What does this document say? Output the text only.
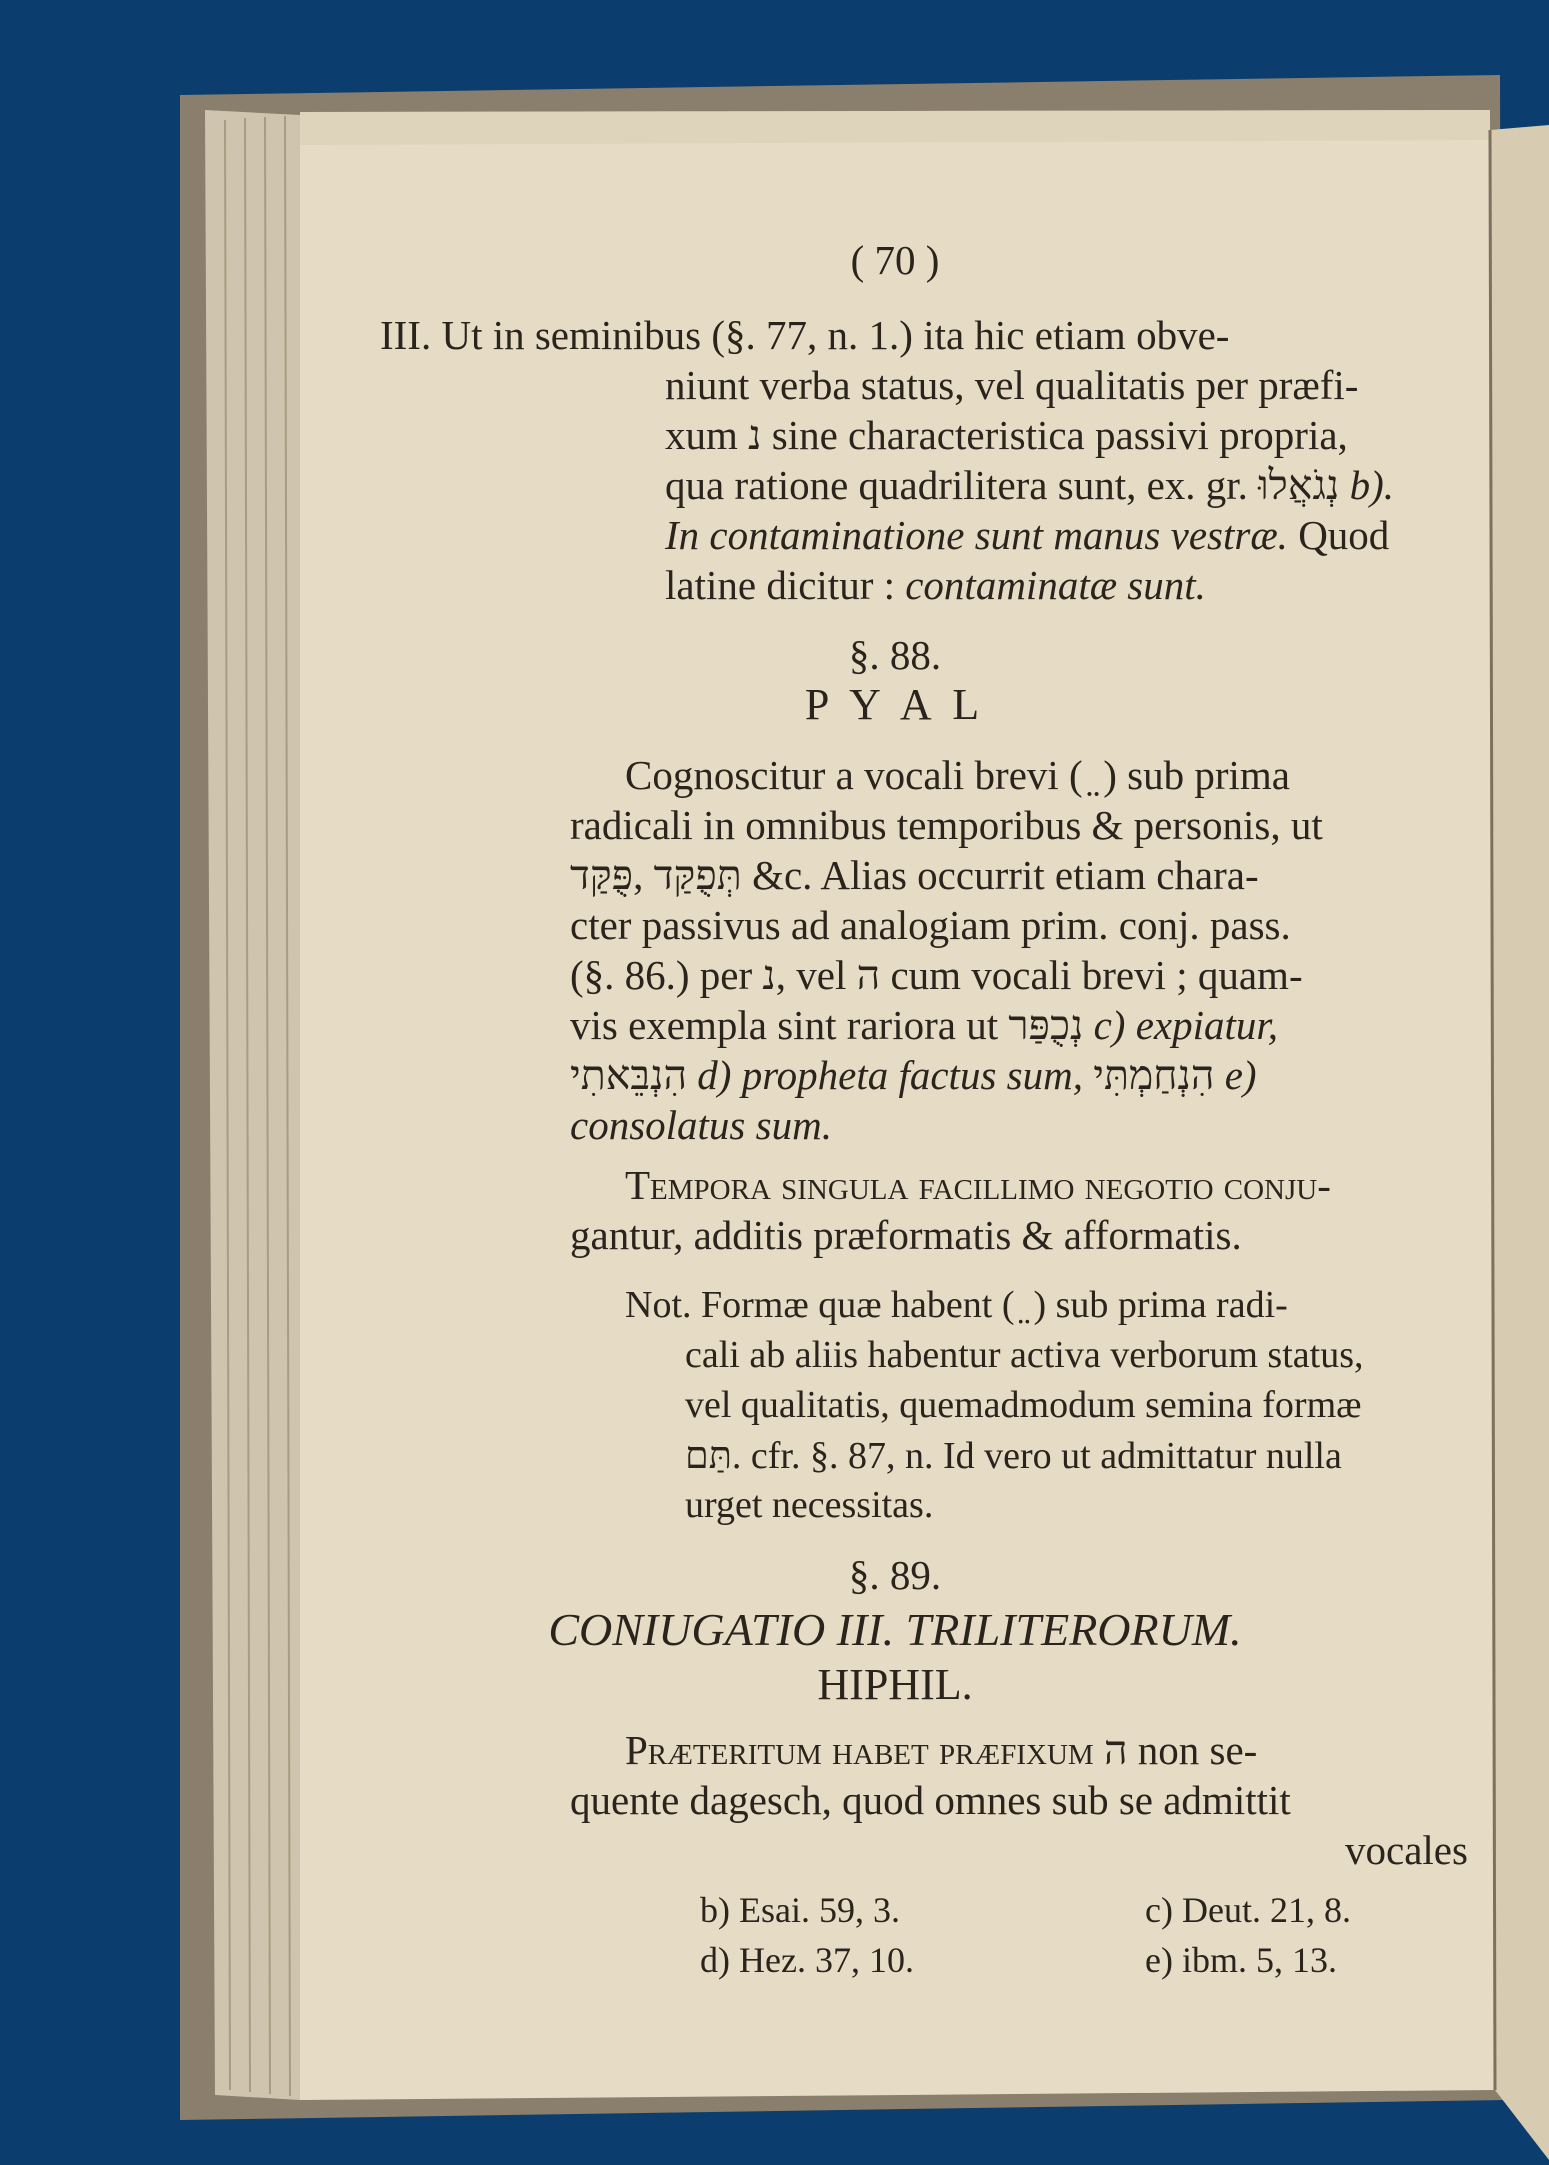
( 70 )
III. Ut in seminibus (§. 77, n. 1.) ita hic etiam obve-
niunt verba status, vel qualitatis per præfi-
xum נ sine characteristica passivi propria,
qua ratione quadrilitera sunt, ex. gr. נְגֹאֲלוּ b).
In contaminatione sunt manus vestræ. Quod
latine dicitur : contaminatæ sunt.
§. 88.
P Y A L
Cognoscitur a vocali brevi ( ̤ ) sub prima
radicali in omnibus temporibus & personis, ut
פֻּקַּד, תְּפֻקַּד &c. Alias occurrit etiam chara-
cter passivus ad analogiam prim. conj. pass.
(§. 86.) per נ, vel ה cum vocali brevi ; quam-
vis exempla sint rariora ut נְכֻפַּר c) expiatur,
הִנְבֵּאתִי d) propheta factus sum, הִנְחַמְתִּי e)
consolatus sum.
Tempora singula facillimo negotio conju-
gantur, additis præformatis & afformatis.
Not. Formæ quæ habent ( ̤ ) sub prima radi-
cali ab aliis habentur activa verborum status,
vel qualitatis, quemadmodum semina formæ
תַּם. cfr. §. 87, n. Id vero ut admittatur nulla
urget necessitas.
§. 89.
CONIUGATIO III. TRILITERORUM.
HIPHIL.
Præteritum habet præfixum ה non se-
quente dagesch, quod omnes sub se admittit
vocales
b) Esai. 59, 3.	c) Deut. 21, 8.
d) Hez. 37, 10.	e) ibm. 5, 13.
